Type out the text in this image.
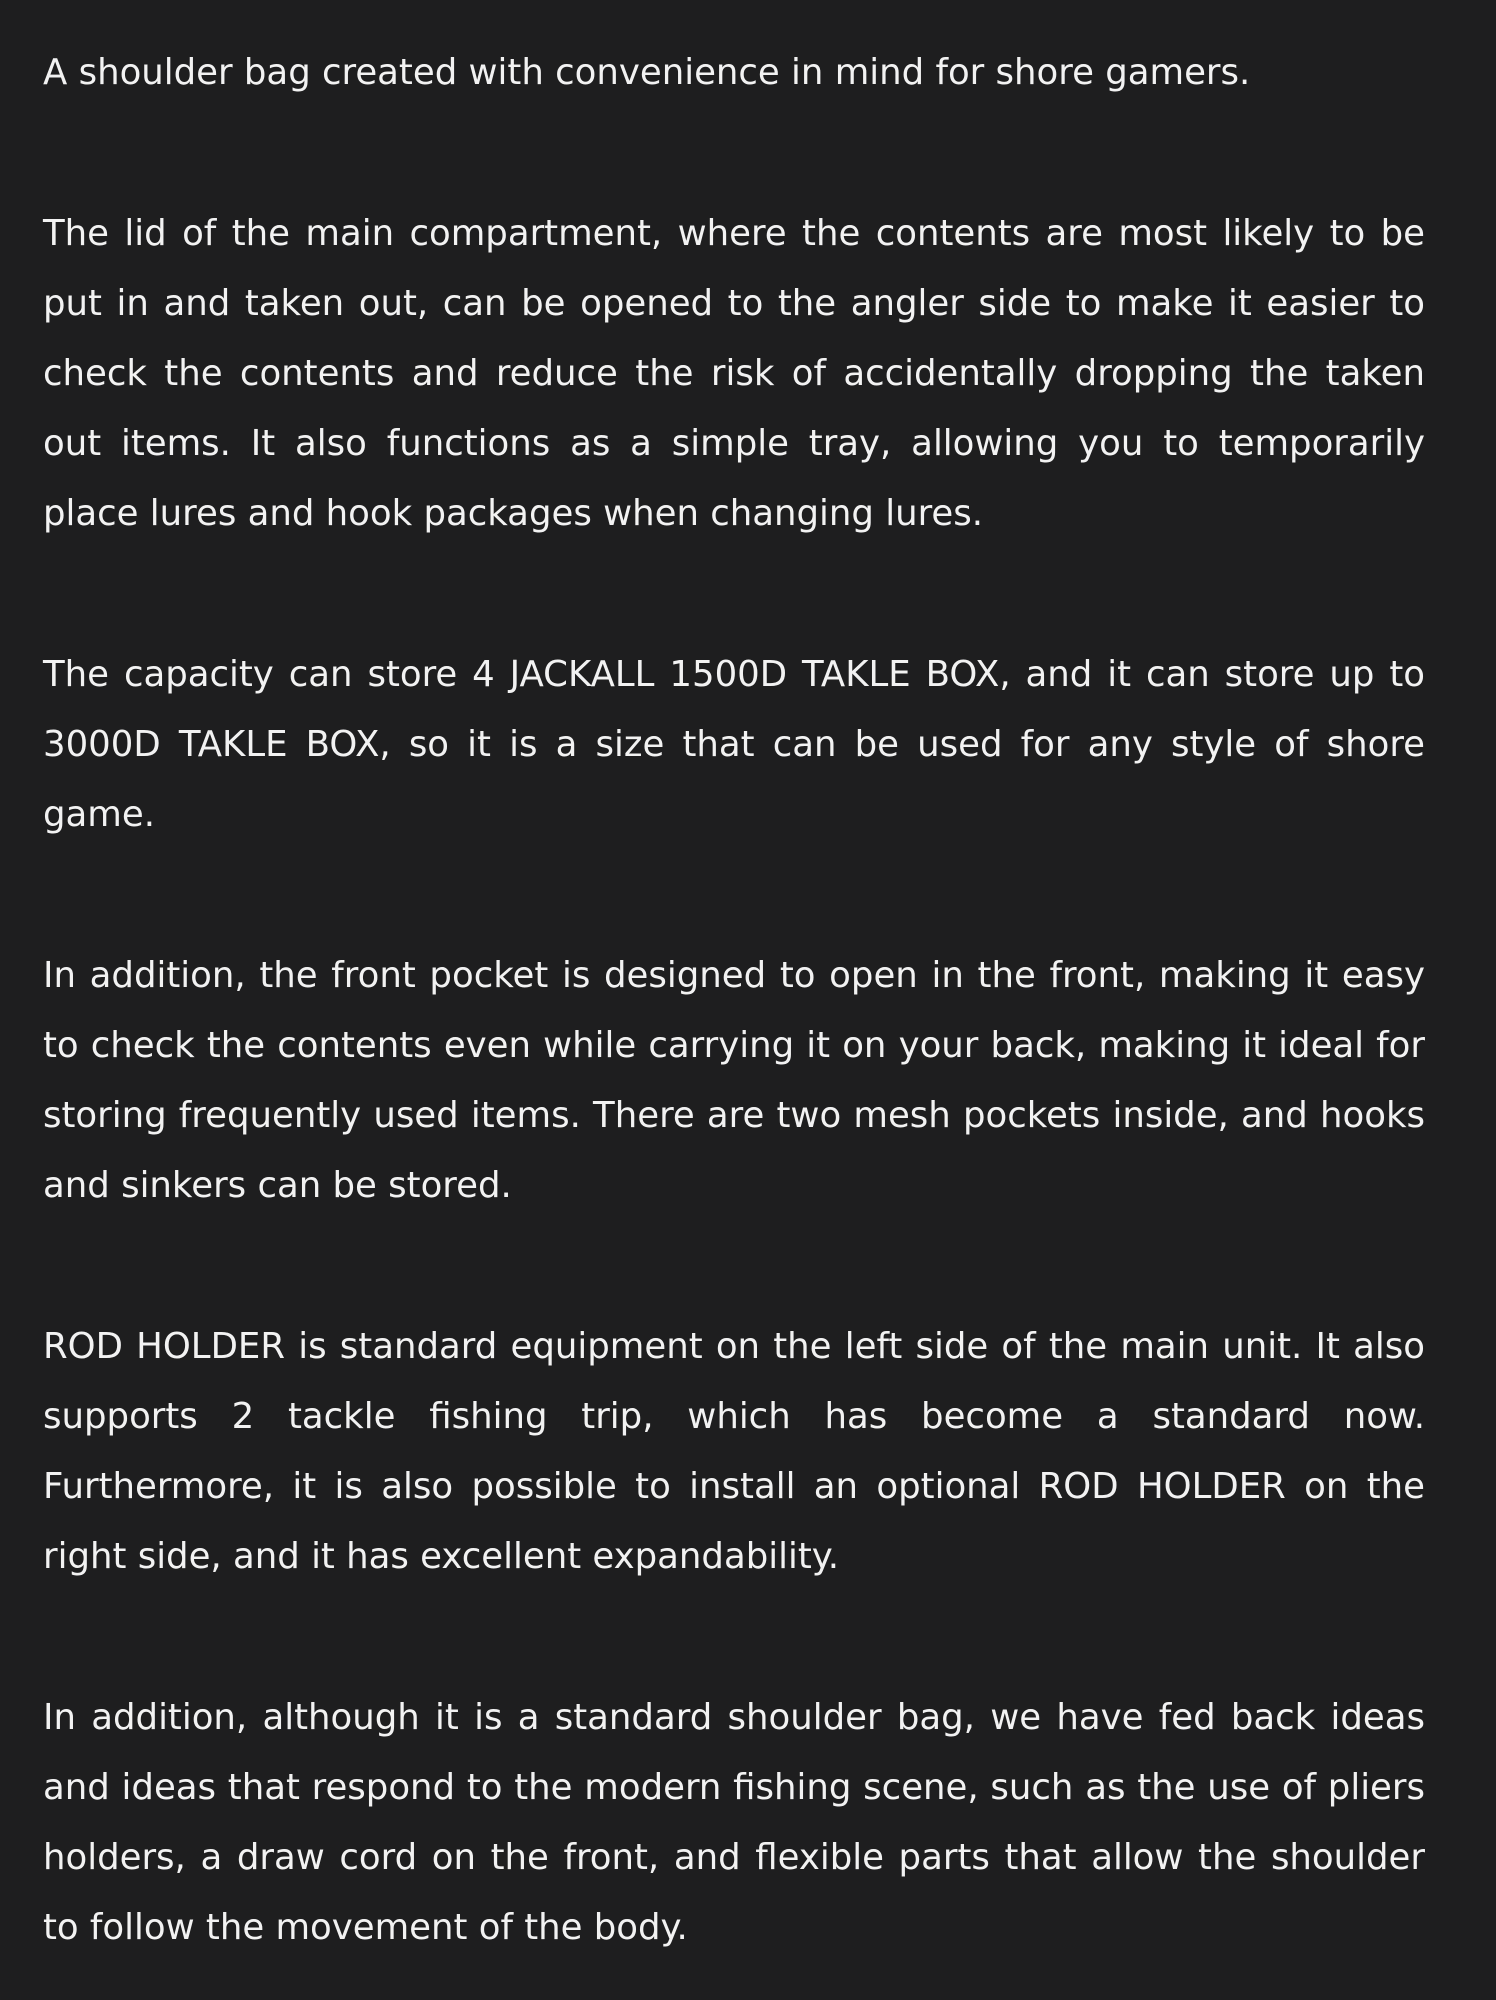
A shoulder bag created with convenience in mind for shore gamers.

The lid of the main compartment, where the contents are most likely to be put in and taken out, can be opened to the angler side to make it easier to check the contents and reduce the risk of accidentally dropping the taken out items. It also functions as a simple tray, allowing you to temporarily place lures and hook packages when changing lures.

The capacity can store 4 JACKALL 1500D TAKLE BOX, and it can store up to 3000D TAKLE BOX, so it is a size that can be used for any style of shore game.

In addition, the front pocket is designed to open in the front, making it easy to check the contents even while carrying it on your back, making it ideal for storing frequently used items. There are two mesh pockets inside, and hooks and sinkers can be stored.

ROD HOLDER is standard equipment on the left side of the main unit. It also supports 2 tackle fishing trip, which has become a standard now. Furthermore, it is also possible to install an optional ROD HOLDER on the right side, and it has excellent expandability.

In addition, although it is a standard shoulder bag, we have fed back ideas and ideas that respond to the modern fishing scene, such as the use of pliers holders, a draw cord on the front, and flexible parts that allow the shoulder to follow the movement of the body.
